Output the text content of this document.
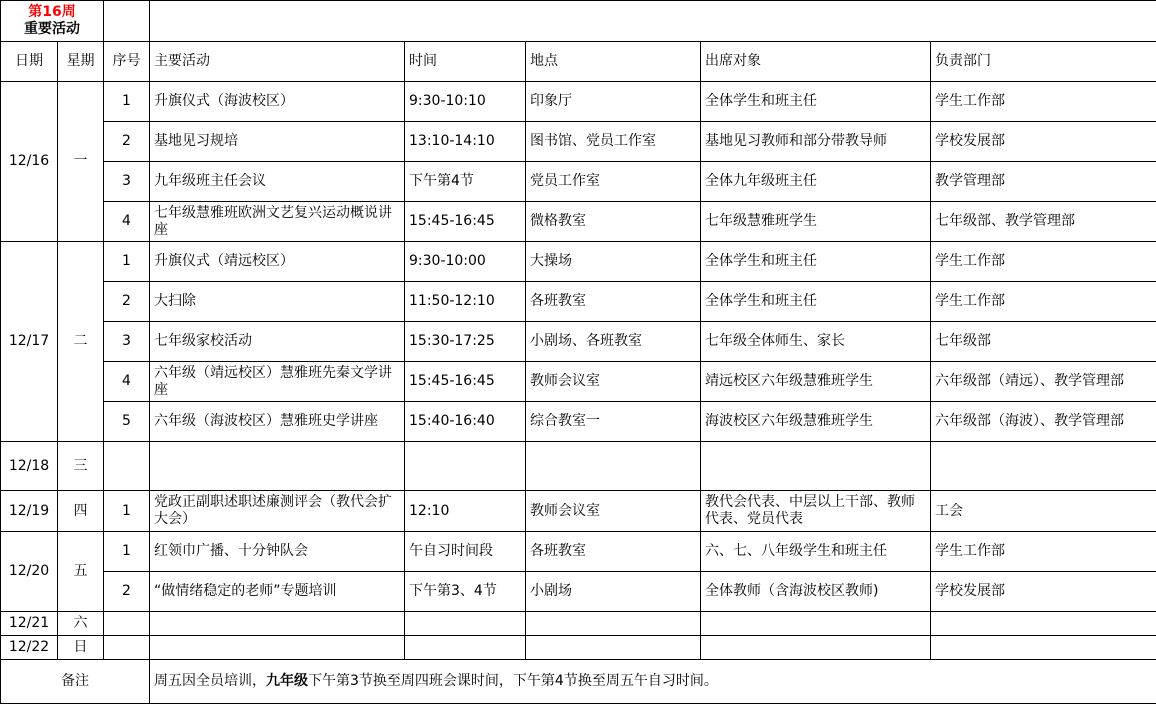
第16周
重要活动							

日期	星期	序号	主要活动	时间	地点	出席对象	负责部门
12/16	一	1	升旗仪式（海波校区）	9:30-10:10	印象厅	全体学生和班主任	学生工作部
		2	基地见习规培	13:10-14:10	图书馆、党员工作室	基地见习教师和部分带教导师	学校发展部
		3	九年级班主任会议	下午第4节	党员工作室	全体九年级班主任	教学管理部
		4	七年级慧雅班欧洲文艺复兴运动概说讲座	15:45-16:45	微格教室	七年级慧雅班学生	七年级部、教学管理部
12/17	二	1	升旗仪式（靖远校区）	9:30-10:00	大操场	全体学生和班主任	学生工作部
		2	大扫除	11:50-12:10	各班教室	全体学生和班主任	学生工作部
		3	七年级家校活动	15:30-17:25	小剧场、各班教室	七年级全体师生、家长	七年级部
		4	六年级（靖远校区）慧雅班先秦文学讲座	15:45-16:45	教师会议室	靖远校区六年级慧雅班学生	六年级部（靖远）、教学管理部
		5	六年级（海波校区）慧雅班史学讲座	15:40-16:40	综合教室一	海波校区六年级慧雅班学生	六年级部（海波）、教学管理部
12/18	三						
12/19	四	1	党政正副职述职述廉测评会（教代会扩大会）	12:10	教师会议室	教代会代表、中层以上干部、教师代表、党员代表	工会
12/20	五	1	红领巾广播、十分钟队会	午自习时间段	各班教室	六、七、八年级学生和班主任	学生工作部
		2	“做情绪稳定的老师”专题培训	下午第3、4节	小剧场	全体教师（含海波校区教师)	学校发展部
12/21	六						
12/22	日						
备注			周五因全员培训，九年级下午第3节换至周四班会课时间，下午第4节换至周五午自习时间。				
